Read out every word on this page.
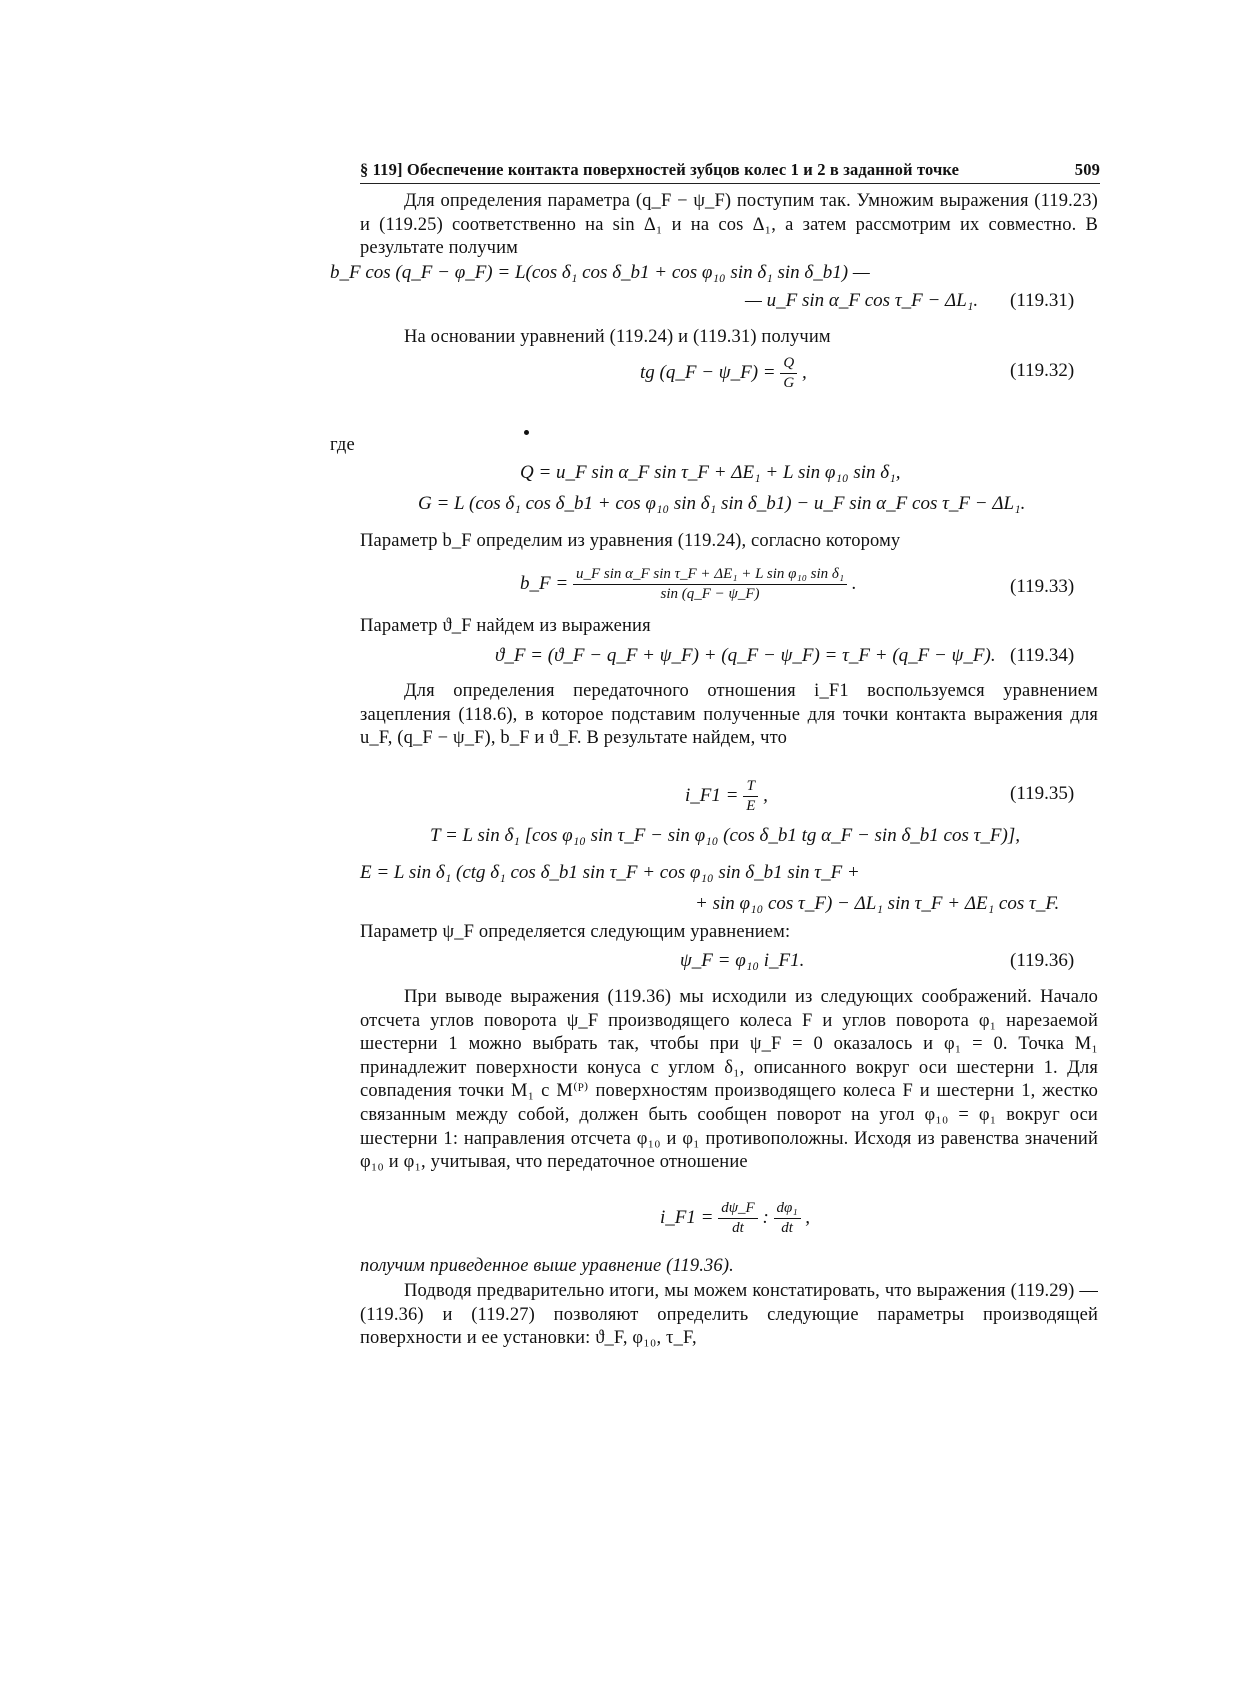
§ 119] Обеспечение контакта поверхностей зубцов колес 1 и 2 в заданной точке	509
Для определения параметра (q_F − ψ_F) поступим так. Умножим выражения (119.23) и (119.25) соответственно на sin Δ₁ и на cos Δ₁, а затем рассмотрим их совместно. В результате получим
b_F cos (q_F − φ_F) = L(cos δ₁ cos δ_b1 + cos φ₁₀ sin δ₁ sin δ_b1) —
— u_F sin α_F cos τ_F − ΔL₁. (119.31)
На основании уравнений (119.24) и (119.31) получим
tg (q_F − ψ_F) = $\frac{Q}{G}$ ,	(119.32)
где
Q = u_F sin α_F sin τ_F + ΔE₁ + L sin φ₁₀ sin δ₁,
G = L (cos δ₁ cos δ_b1 + cos φ₁₀ sin δ₁ sin δ_b1) − u_F sin α_F cos τ_F − ΔL₁.
Параметр b_F определим из уравнения (119.24), согласно которому
b_F = $\frac{\text{u\_F sin α\_F sin τ\_F + ΔE₁ + L sin φ₁₀ sin δ₁}}{\sin (q\_F - \psi\_F)}$ .	(119.33)
Параметр ϑ_F найдем из выражения
ϑ_F = (ϑ_F − q_F + ψ_F) + (q_F − ψ_F) = τ_F + (q_F − ψ_F). (119.34)
Для определения передаточного отношения i_F1 воспользуемся уравнением зацепления (118.6), в которое подставим полученные для точки контакта выражения для u_F, (q_F − ψ_F), b_F и ϑ_F. В результате найдем, что
i_F1 = $\frac{T}{E}$ ,	(119.35)
T = L sin δ₁ [cos φ₁₀ sin τ_F − sin φ₁₀ (cos δ_b1 tg α_F − sin δ_b1 cos τ_F)],
E = L sin δ₁ (ctg δ₁ cos δ_b1 sin τ_F + cos φ₁₀ sin δ_b1 sin τ_F +
+ sin φ₁₀ cos τ_F) − ΔL₁ sin τ_F + ΔE₁ cos τ_F.
Параметр ψ_F определяется следующим уравнением:
ψ_F = φ₁₀ i_F1.	(119.36)
При выводе выражения (119.36) мы исходили из следующих соображений. Начало отсчета углов поворота ψ_F производящего колеса F и углов поворота φ₁ нарезаемой шестерни 1 можно выбрать так, чтобы при ψ_F = 0 оказалось и φ₁ = 0. Точка M₁ принадлежит поверхности конуса с углом δ₁, описанного вокруг оси шестерни 1. Для совпадения точки M₁ с M⁽ᴾ⁾ поверхностям производящего колеса F и шестерни 1, жестко связанным между собой, должен быть сообщен поворот на угол φ₁₀ = φ₁ вокруг оси шестерни 1: направления отсчета φ₁₀ и φ₁ противоположны. Исходя из равенства значений φ₁₀ и φ₁, учитывая, что передаточное отношение
i_F1 = $\frac{d\psi\_F}{dt}$ : $\frac{\text{dφ₁}}{dt}$ ,
получим приведенное выше уравнение (119.36).
Подводя предварительно итоги, мы можем констатировать, что выражения (119.29) — (119.36) и (119.27) позволяют определить следующие параметры производящей поверхности и ее установки: ϑ_F, φ₁₀, τ_F,
